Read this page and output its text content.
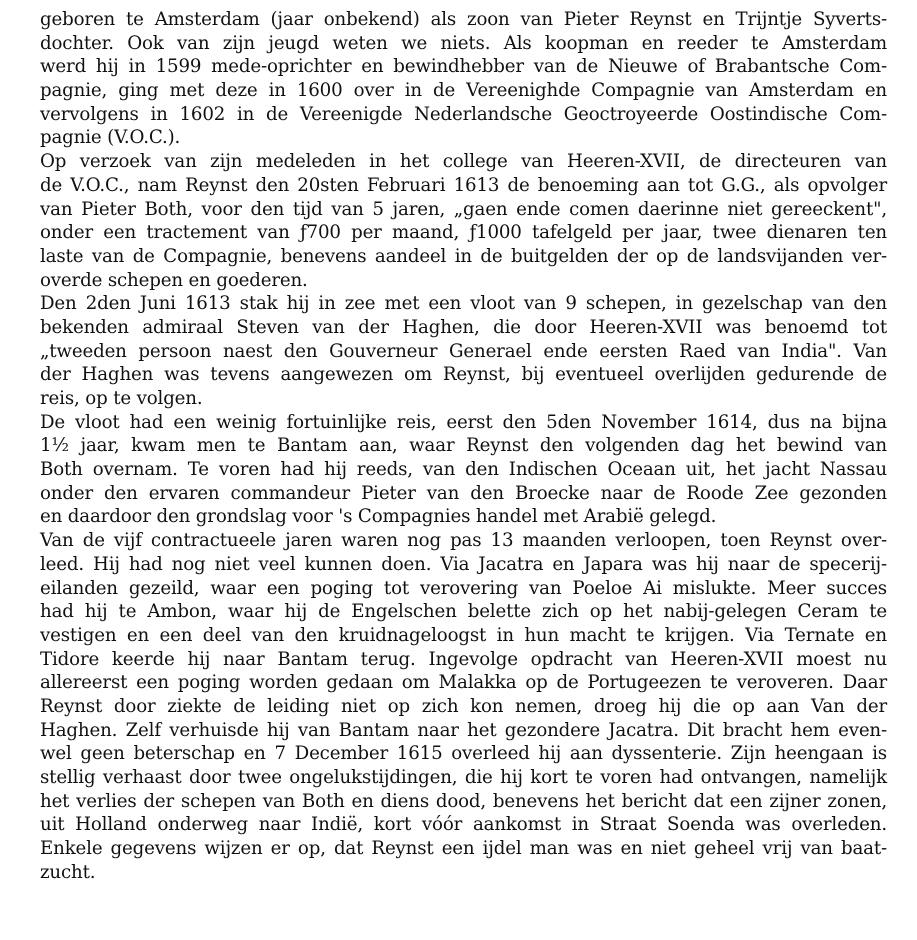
geboren te Amsterdam (jaar onbekend) als zoon van Pieter Reynst en Trijntje Syverts-
dochter. Ook van zijn jeugd weten we niets. Als koopman en reeder te Amsterdam
werd hij in 1599 mede-oprichter en bewindhebber van de Nieuwe of Brabantsche Com-
pagnie, ging met deze in 1600 over in de Vereenighde Compagnie van Amsterdam en
vervolgens in 1602 in de Vereenigde Nederlandsche Geoctroyeerde Oostindische Com-
pagnie (V.O.C.).
Op verzoek van zijn medeleden in het college van Heeren-XVII, de directeuren van
de V.O.C., nam Reynst den 20sten Februari 1613 de benoeming aan tot G.G., als opvolger
van Pieter Both, voor den tijd van 5 jaren, „gaen ende comen daerinne niet gereeckent",
onder een tractement van ƒ700 per maand, ƒ1000 tafelgeld per jaar, twee dienaren ten
laste van de Compagnie, benevens aandeel in de buitgelden der op de landsvijanden ver-
overde schepen en goederen.
Den 2den Juni 1613 stak hij in zee met een vloot van 9 schepen, in gezelschap van den
bekenden admiraal Steven van der Haghen, die door Heeren-XVII was benoemd tot
„tweeden persoon naest den Gouverneur Generael ende eersten Raed van India". Van
der Haghen was tevens aangewezen om Reynst, bij eventueel overlijden gedurende de
reis, op te volgen.
De vloot had een weinig fortuinlijke reis, eerst den 5den November 1614, dus na bijna
1½ jaar, kwam men te Bantam aan, waar Reynst den volgenden dag het bewind van
Both overnam. Te voren had hij reeds, van den Indischen Oceaan uit, het jacht Nassau
onder den ervaren commandeur Pieter van den Broecke naar de Roode Zee gezonden
en daardoor den grondslag voor 's Compagnies handel met Arabië gelegd.
Van de vijf contractueele jaren waren nog pas 13 maanden verloopen, toen Reynst over-
leed. Hij had nog niet veel kunnen doen. Via Jacatra en Japara was hij naar de specerij-
eilanden gezeild, waar een poging tot verovering van Poeloe Ai mislukte. Meer succes
had hij te Ambon, waar hij de Engelschen belette zich op het nabij-gelegen Ceram te
vestigen en een deel van den kruidnageloogst in hun macht te krijgen. Via Ternate en
Tidore keerde hij naar Bantam terug. Ingevolge opdracht van Heeren-XVII moest nu
allereerst een poging worden gedaan om Malakka op de Portugeezen te veroveren. Daar
Reynst door ziekte de leiding niet op zich kon nemen, droeg hij die op aan Van der
Haghen. Zelf verhuisde hij van Bantam naar het gezondere Jacatra. Dit bracht hem even-
wel geen beterschap en 7 December 1615 overleed hij aan dyssenterie. Zijn heengaan is
stellig verhaast door twee ongelukstijdingen, die hij kort te voren had ontvangen, namelijk
het verlies der schepen van Both en diens dood, benevens het bericht dat een zijner zonen,
uit Holland onderweg naar Indië, kort vóór aankomst in Straat Soenda was overleden.
Enkele gegevens wijzen er op, dat Reynst een ijdel man was en niet geheel vrij van baat-
zucht.
